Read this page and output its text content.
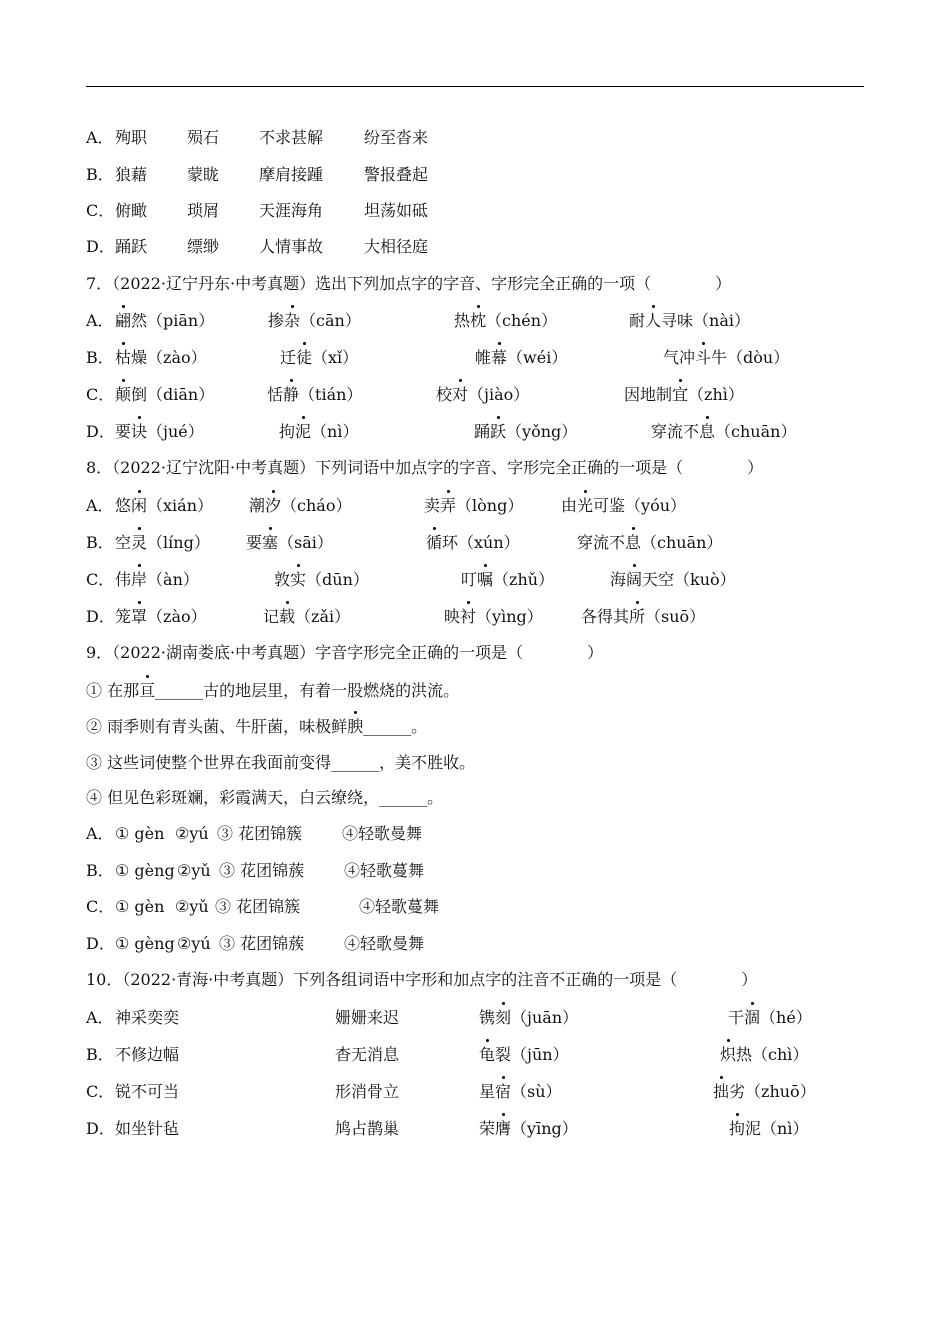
A． 殉职 殒石 不求甚解	纷至沓来
B． 狼藉 蒙眬 摩肩接踵	警报叠起
C． 俯瞰 琐屑 天涯海角	坦荡如砥
D． 踊跃 缥缈 人情事故	大相径庭
7．（2022·辽宁丹东·中考真题）选出下列加点字的字音、字形完全正确的一项（　　　　）
A． 翩然（piān）	掺杂（cān）	热枕（chén）	耐人寻味（nài）
B． 枯燥（zào）	迁徒（xǐ）	帷幕（wéi）	气冲斗牛（dòu）
C． 颠倒（diān）	恬静（tián）	校对（jiào）	因地制宜（zhì）
D． 要诀（jué）	拘泥（nì）	踊跃（yǒng）	穿流不息（chuān）
8．（2022·辽宁沈阳·中考真题）下列词语中加点字的字音、字形完全正确的一项是（　　　　）
A． 悠闲（xián） 潮汐（cháo）	卖弄（lòng） 由光可鉴（yóu）
B． 空灵（líng） 要塞（sāi）	循环（xún）	穿流不息（chuān）
C． 伟岸（àn）	敦实（dūn）	叮嘱（zhǔ）	海阔天空（kuò）
D． 笼罩（zào）	记载（zǎi）	映衬（yìng） 各得其所（suō）
9．（2022·湖南娄底·中考真题）字音字形完全正确的一项是（　　　　）
① 在那亘______古的地层里，有着一股燃烧的洪流。
② 雨季则有青头菌、牛肝菌，味极鲜腴______。
③ 这些词使整个世界在我面前变得______，美不胜收。
④ 但见色彩斑斓，彩霞满天，白云缭绕，______。
A． ① gèn ②yú ③ 花团锦簇 ④轻歌曼舞
B． ① gèng ②yǔ ③ 花团锦蔟 ④轻歌蔓舞
C． ① gèn ②yǔ ③ 花团锦簇	④轻歌蔓舞
D． ① gèng ②yú ③ 花团锦蔟 ④轻歌曼舞
10．（2022·青海·中考真题）下列各组词语中字形和加点字的注音不正确的一项是（　　　　）
A． 神采奕奕	姗姗来迟	镌刻（juān）	干涸（hé）
B． 不修边幅	杳无消息	龟裂（jūn）	炽热（chì）
C． 锐不可当	形消骨立	星宿（sù）	拙劣（zhuō）
D． 如坐针毡	鸠占鹊巢	荣膺（yīng）	拘泥（nì）
